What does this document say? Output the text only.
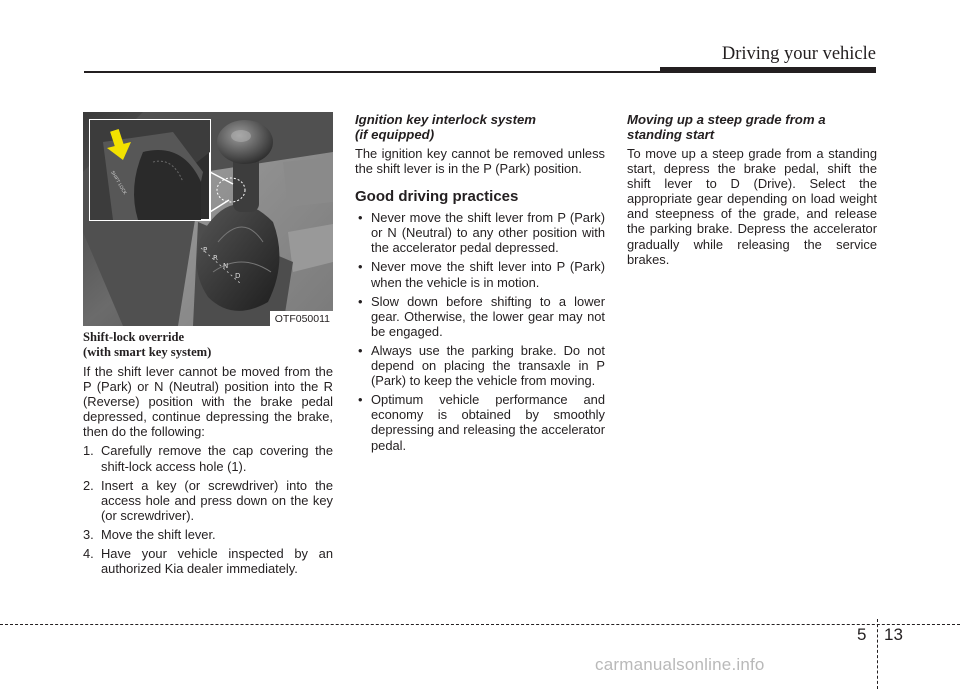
Driving your vehicle
P
R
N
D
SHIFT LOCK
OTF050011
Shift-lock override
(with smart key system)

If the shift lever cannot be moved from the P (Park) or N (Neutral) position into the R (Reverse) position with the brake pedal depressed, continue depressing the brake, then do the following:

1. Carefully remove the cap covering the shift-lock access hole (1).
2. Insert a key (or screwdriver) into the access hole and press down on the key (or screwdriver).
3. Move the shift lever.
4. Have your vehicle inspected by an authorized Kia dealer immediately.
Ignition key interlock system
(if equipped)

The ignition key cannot be removed unless the shift lever is in the P (Park) position.

Good driving practices
• Never move the shift lever from P (Park) or N (Neutral) to any other position with the accelerator pedal depressed.
• Never move the shift lever into P (Park) when the vehicle is in motion.
• Slow down before shifting to a lower gear. Otherwise, the lower gear may not be engaged.
• Always use the parking brake. Do not depend on placing the transaxle in P (Park) to keep the vehicle from moving.
• Optimum vehicle performance and economy is obtained by smoothly depressing and releasing the accelerator pedal.
Moving up a steep grade from a
standing start

To move up a steep grade from a standing start, depress the brake pedal, shift the shift lever to D (Drive). Select the appropriate gear depending on load weight and steepness of the grade, and release the parking brake. Depress the accelerator gradually while releasing the service brakes.

5 13
carmanualsonline.info
